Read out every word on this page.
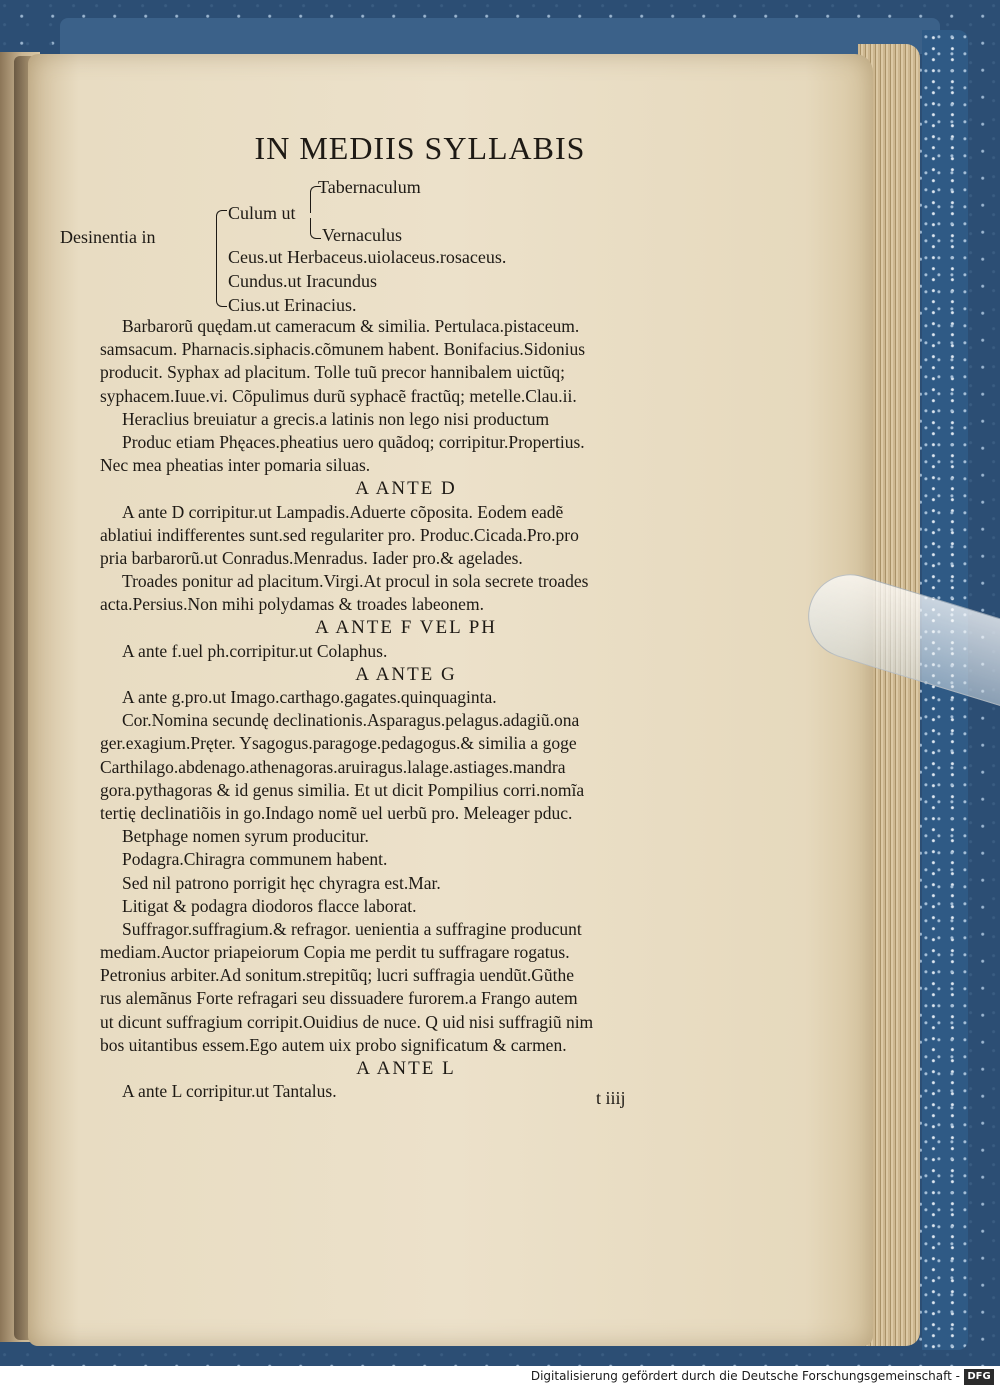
IN MEDIIS SYLLABIS
Tabernaculum
Culum ut
Desinentia in	Vernaculus
Ceus.ut Herbaceus.uiolaceus.rosaceus.
Cundus.ut Iracundus
Cius.ut Erinacius.
Barbarorũ quędam.ut cameracum & similia. Pertulaca.pistaceum.
samsacum. Pharnacis.siphacis.cõmunem habent. Bonifacius.Sidonius
producit. Syphax ad placitum. Tolle tuũ precor hannibalem uictũq;
syphacem.Iuue.vi. Cõpulimus durũ syphacẽ fractũq; metelle.Clau.ii.
Heraclius breuiatur a grecis.a latinis non lego nisi productum
Produc etiam Phęaces.pheatius uero quãdoq; corripitur.Propertius.
Nec mea pheatias inter pomaria siluas.
A ANTE D
A ante D corripitur.ut Lampadis.Aduerte cõposita. Eodem eadẽ
ablatiui indifferentes sunt.sed regulariter pro. Produc.Cicada.Pro.pro
pria barbarorũ.ut Conradus.Menradus. Iader pro.& agelades.
Troades ponitur ad placitum.Virgi.At procul in sola secrete troades
acta.Persius.Non mihi polydamas & troades labeonem.
A ANTE F VEL PH
A ante f.uel ph.corripitur.ut Colaphus.
A ANTE G
A ante g.pro.ut Imago.carthago.gagates.quinquaginta.
Cor.Nomina secundę declinationis.Asparagus.pelagus.adagiũ.ona
ger.exagium.Pręter. Ysagogus.paragoge.pedagogus.& similia a goge
Carthilago.abdenago.athenagoras.aruiragus.lalage.astiages.mandra
gora.pythagoras & id genus similia. Et ut dicit Pompilius corri.nomĩa
tertię declinatiõis in go.Indago nomẽ uel uerbũ pro. Meleager pduc.
Betphage nomen syrum producitur.
Podagra.Chiragra communem habent.
Sed nil patrono porrigit hęc chyragra est.Mar.
Litigat & podagra diodoros flacce laborat.
Suffragor.suffragium.& refragor. uenientia a suffragine producunt
mediam.Auctor priapeiorum Copia me perdit tu suffragare rogatus.
Petronius arbiter.Ad sonitum.strepitũq; lucri suffragia uendũt.Gũthe
rus alemãnus Forte refragari seu dissuadere furorem.a Frango autem
ut dicunt suffragium corripit.Ouidius de nuce. Q uid nisi suffragiũ nim
bos uitantibus essem.Ego autem uix probo significatum & carmen.
A ANTE L
A ante L corripitur.ut Tantalus.	t iiij
Digitalisierung gefördert durch die Deutsche Forschungsgemeinschaft - DFG
